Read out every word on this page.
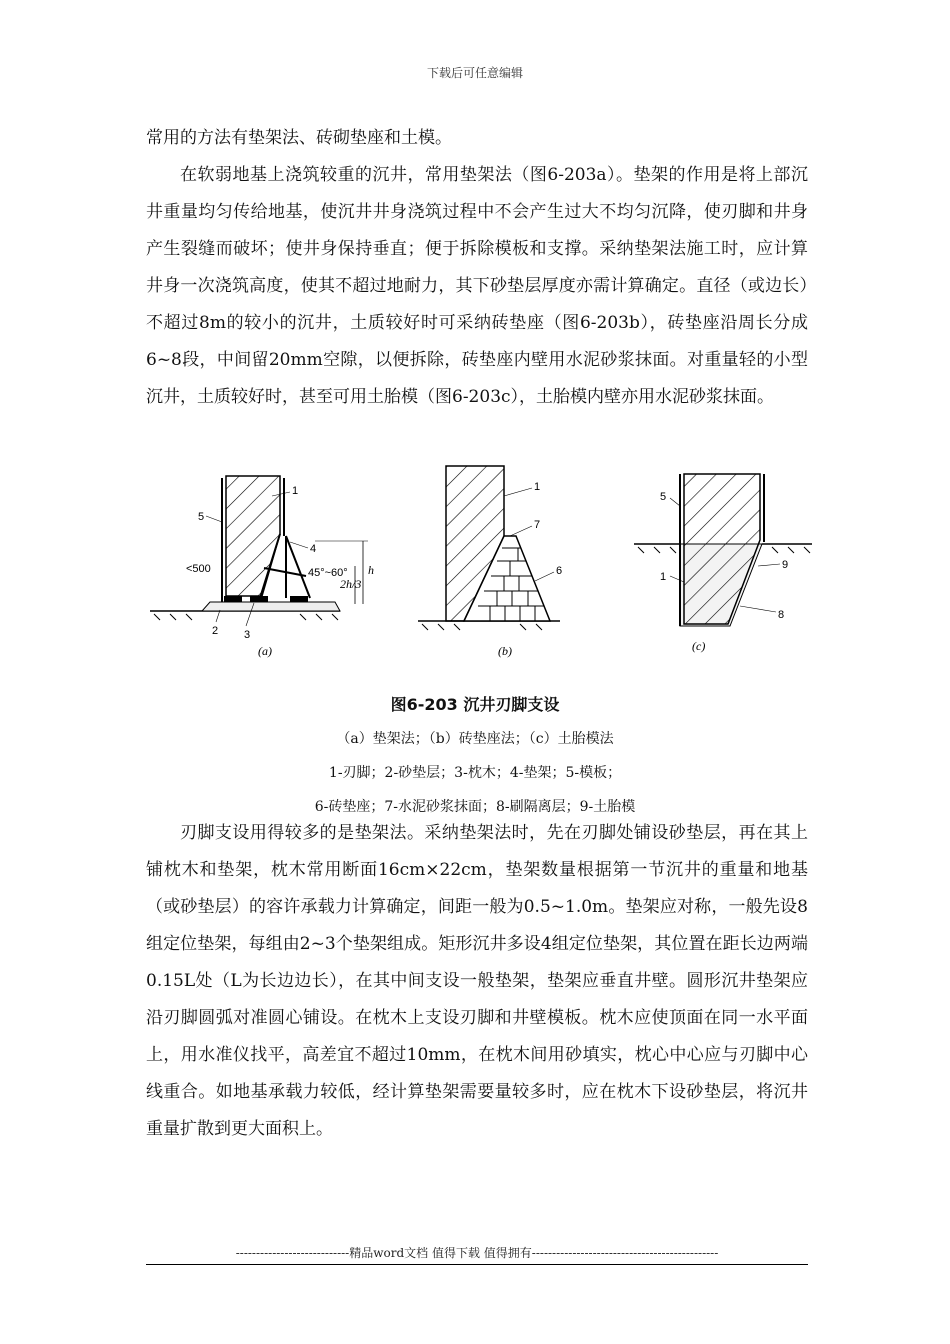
下载后可任意编辑

常用的方法有垫架法、砖砌垫座和土模。

在软弱地基上浇筑较重的沉井，常用垫架法（图6-203a）。垫架的作用是将上部沉井重量均匀传给地基，使沉井井身浇筑过程中不会产生过大不均匀沉降，使刃脚和井身产生裂缝而破坏；使井身保持垂直；便于拆除模板和支撑。采纳垫架法施工时，应计算井身一次浇筑高度，使其不超过地耐力，其下砂垫层厚度亦需计算确定。直径（或边长）不超过8m的较小的沉井，土质较好时可采纳砖垫座（图6-203b），砖垫座沿周长分成6~8段，中间留20mm空隙，以便拆除，砖垫座内壁用水泥砂浆抹面。对重量轻的小型沉井，土质较好时，甚至可用土胎模（图6-203c），土胎模内壁亦用水泥砂浆抹面。

1
2 3
4
5
<500	45°~60°
2h/3
h
(a)
1
6
7
(b)
5
1
9
8
(c)
图6-203 沉井刃脚支设
（a）垫架法；（b）砖垫座法；（c）土胎模法
1-刃脚；2-砂垫层；3-枕木；4-垫架；5-模板；
6-砖垫座；7-水泥砂浆抹面；8-刷隔离层；9-土胎模

刃脚支设用得较多的是垫架法。采纳垫架法时，先在刃脚处铺设砂垫层，再在其上铺枕木和垫架，枕木常用断面16cm×22cm，垫架数量根据第一节沉井的重量和地基（或砂垫层）的容许承载力计算确定，间距一般为0.5~1.0m。垫架应对称，一般先设8组定位垫架，每组由2~3个垫架组成。矩形沉井多设4组定位垫架，其位置在距长边两端0.15L处（L为长边边长），在其中间支设一般垫架，垫架应垂直井壁。圆形沉井垫架应沿刃脚圆弧对准圆心铺设。在枕木上支设刃脚和井壁模板。枕木应使顶面在同一水平面上，用水准仪找平，高差宜不超过10mm，在枕木间用砂填实，枕心中心应与刃脚中心线重合。如地基承载力较低，经计算垫架需要量较多时，应在枕木下设砂垫层，将沉井重量扩散到更大面积上。

----------------------------精品word文档 值得下载 值得拥有----------------------------------------------
